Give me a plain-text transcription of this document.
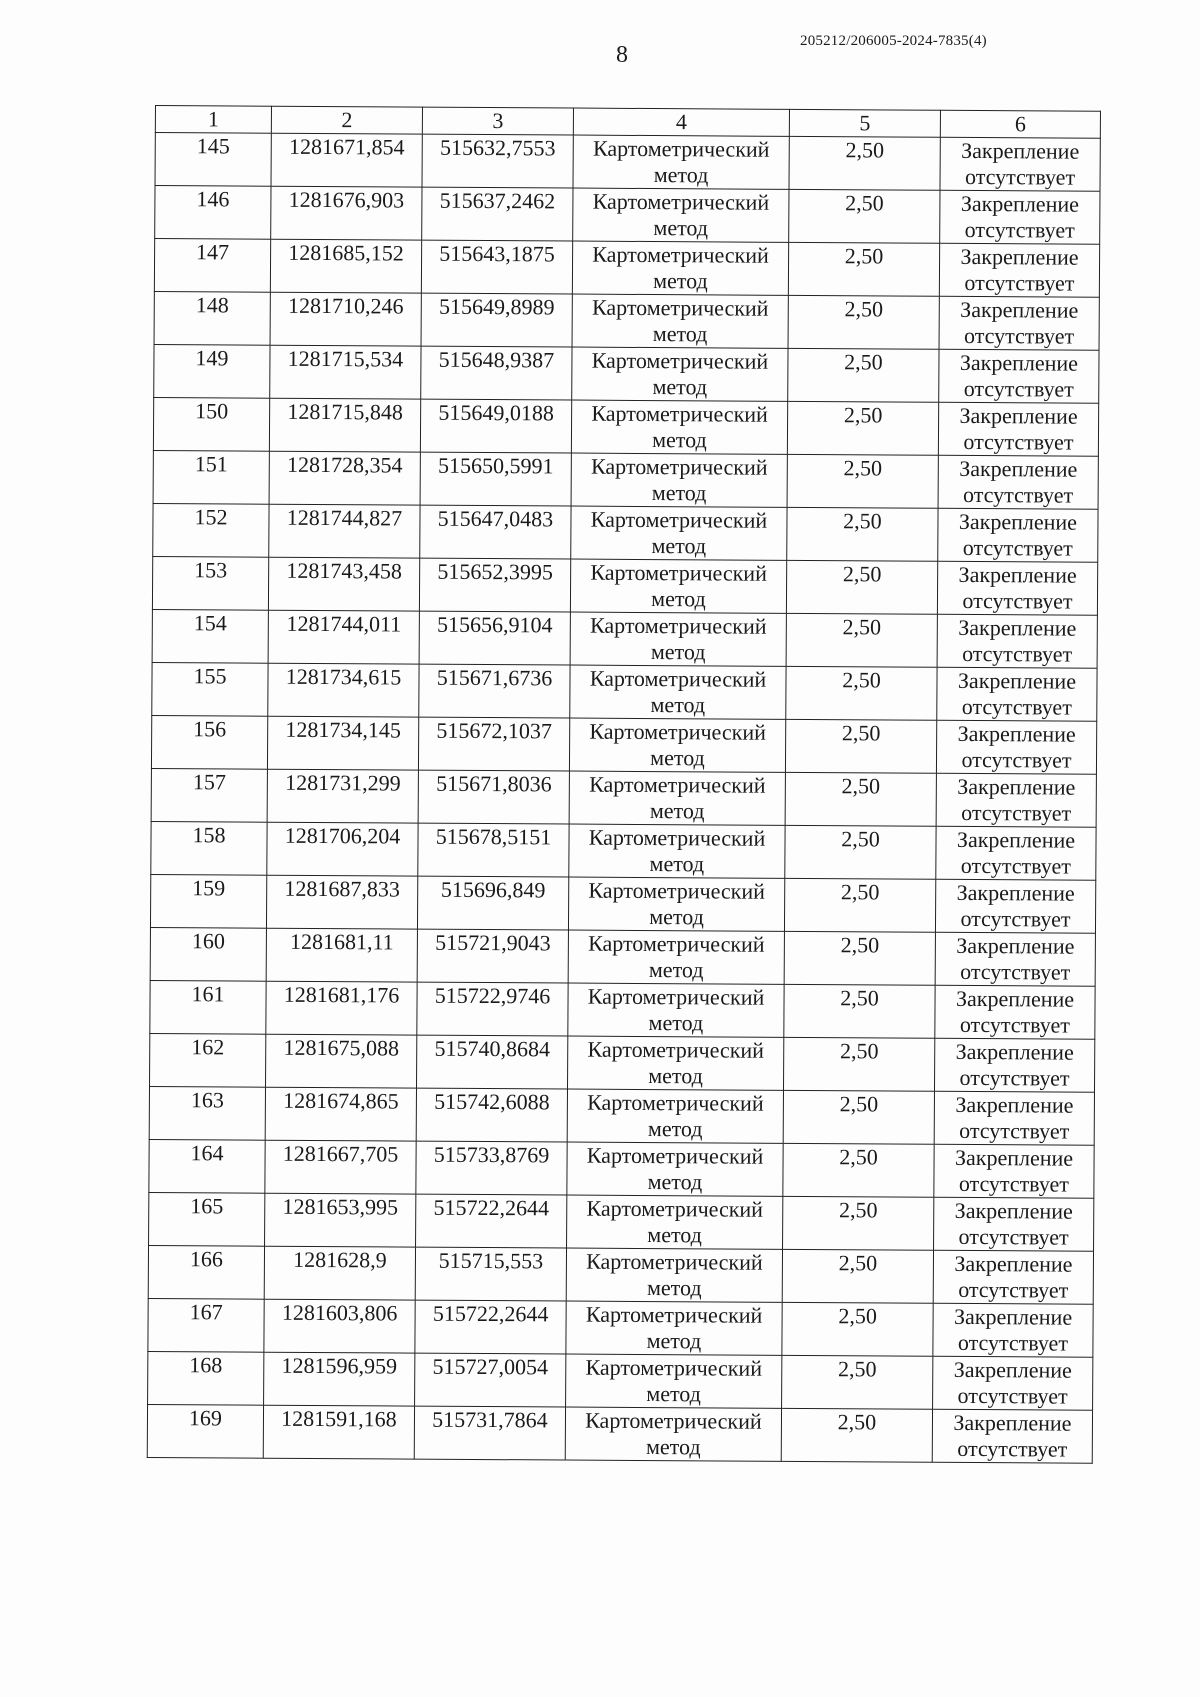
8
205212/206005-2024-7835(4)
1	2	3	4	5	6
145	1281671,854	515632,7553	Картометрический метод	2,50	Закрепление отсутствует

146	1281676,903	515637,2462	Картометрический метод	2,50	Закрепление отсутствует

147	1281685,152	515643,1875	Картометрический метод	2,50	Закрепление отсутствует

148	1281710,246	515649,8989	Картометрический метод	2,50	Закрепление отсутствует

149	1281715,534	515648,9387	Картометрический метод	2,50	Закрепление отсутствует

150	1281715,848	515649,0188	Картометрический метод	2,50	Закрепление отсутствует

151	1281728,354	515650,5991	Картометрический метод	2,50	Закрепление отсутствует

152	1281744,827	515647,0483	Картометрический метод	2,50	Закрепление отсутствует

153	1281743,458	515652,3995	Картометрический метод	2,50	Закрепление отсутствует

154	1281744,011	515656,9104	Картометрический метод	2,50	Закрепление отсутствует

155	1281734,615	515671,6736	Картометрический метод	2,50	Закрепление отсутствует

156	1281734,145	515672,1037	Картометрический метод	2,50	Закрепление отсутствует

157	1281731,299	515671,8036	Картометрический метод	2,50	Закрепление отсутствует

158	1281706,204	515678,5151	Картометрический метод	2,50	Закрепление отсутствует

159	1281687,833	515696,849	Картометрический метод	2,50	Закрепление отсутствует

160	1281681,11	515721,9043	Картометрический метод	2,50	Закрепление отсутствует

161	1281681,176	515722,9746	Картометрический метод	2,50	Закрепление отсутствует

162	1281675,088	515740,8684	Картометрический метод	2,50	Закрепление отсутствует

163	1281674,865	515742,6088	Картометрический метод	2,50	Закрепление отсутствует

164	1281667,705	515733,8769	Картометрический метод	2,50	Закрепление отсутствует

165	1281653,995	515722,2644	Картометрический метод	2,50	Закрепление отсутствует

166	1281628,9	515715,553	Картометрический метод	2,50	Закрепление отсутствует

167	1281603,806	515722,2644	Картометрический метод	2,50	Закрепление отсутствует

168	1281596,959	515727,0054	Картометрический метод	2,50	Закрепление отсутствует

169	1281591,168	515731,7864	Картометрический метод	2,50	Закрепление отсутствует
